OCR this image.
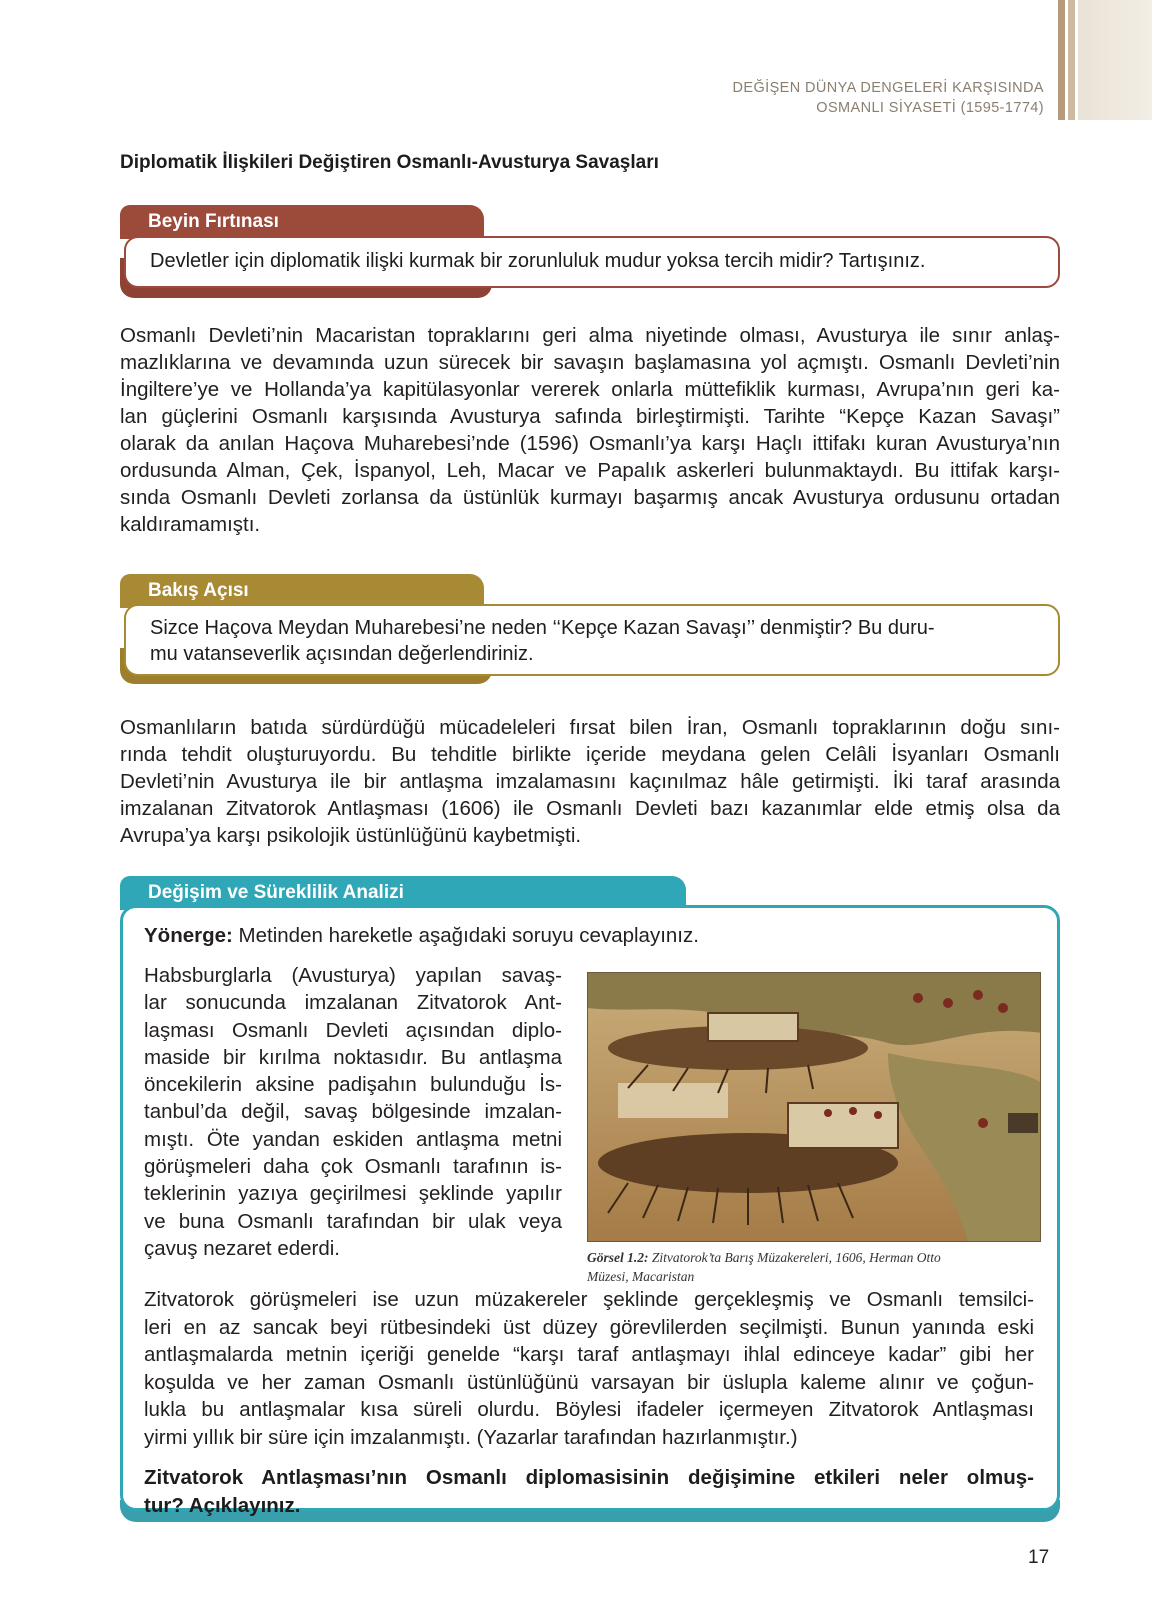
DEĞİŞEN DÜNYA DENGELERİ KARŞISINDA
OSMANLI SİYASETİ (1595-1774)
Diplomatik İlişkileri Değiştiren Osmanlı-Avusturya Savaşları
Beyin Fırtınası
Devletler için diplomatik ilişki kurmak bir zorunluluk mudur yoksa tercih midir? Tartışınız.
Osmanlı Devleti’nin Macaristan topraklarını geri alma niyetinde olması, Avusturya ile sınır anlaş-
mazlıklarına ve devamında uzun sürecek bir savaşın başlamasına yol açmıştı. Osmanlı Devleti’nin
İngiltere’ye ve Hollanda’ya kapitülasyonlar vererek onlarla müttefiklik kurması, Avrupa’nın geri ka-
lan güçlerini Osmanlı karşısında Avusturya safında birleştirmişti. Tarihte “Kepçe Kazan Savaşı”
olarak da anılan Haçova Muharebesi’nde (1596) Osmanlı’ya karşı Haçlı ittifakı kuran Avusturya’nın
ordusunda Alman, Çek, İspanyol, Leh, Macar ve Papalık askerleri bulunmaktaydı. Bu ittifak karşı-
sında Osmanlı Devleti zorlansa da üstünlük kurmayı başarmış ancak Avusturya ordusunu ortadan
kaldıramamıştı.
Bakış Açısı
Sizce Haçova Meydan Muharebesi’ne neden ‘‘Kepçe Kazan Savaşı’’ denmiştir? Bu duru-
mu vatanseverlik açısından değerlendiriniz.
Osmanlıların batıda sürdürdüğü mücadeleleri fırsat bilen İran, Osmanlı topraklarının doğu sını-
rında tehdit oluşturuyordu. Bu tehditle birlikte içeride meydana gelen Celâli İsyanları Osmanlı
Devleti’nin Avusturya ile bir antlaşma imzalamasını kaçınılmaz hâle getirmişti. İki taraf arasında
imzalanan Zitvatorok Antlaşması (1606) ile Osmanlı Devleti bazı kazanımlar elde etmiş olsa da
Avrupa’ya karşı psikolojik üstünlüğünü kaybetmişti.
Değişim ve Süreklilik Analizi
Yönerge: Metinden hareketle aşağıdaki soruyu cevaplayınız.
Habsburglarla (Avusturya) yapılan savaş-
lar sonucunda imzalanan Zitvatorok Ant-
laşması Osmanlı Devleti açısından diplo-
maside bir kırılma noktasıdır. Bu antlaşma
öncekilerin aksine padişahın bulunduğu İs-
tanbul’da değil, savaş bölgesinde imzalan-
mıştı. Öte yandan eskiden antlaşma metni
görüşmeleri daha çok Osmanlı tarafının is-
teklerinin yazıya geçirilmesi şeklinde yapılır
ve buna Osmanlı tarafından bir ulak veya
çavuş nezaret ederdi.	Görsel 1.2: Zitvatorok’ta Barış Müzakereleri, 1606, Herman Otto
Müzesi, Macaristan
Zitvatorok görüşmeleri ise uzun müzakereler şeklinde gerçekleşmiş ve Osmanlı temsilci-
leri en az sancak beyi rütbesindeki üst düzey görevlilerden seçilmişti. Bunun yanında eski
antlaşmalarda metnin içeriği genelde “karşı taraf antlaşmayı ihlal edinceye kadar” gibi her
koşulda ve her zaman Osmanlı üstünlüğünü varsayan bir üslupla kaleme alınır ve çoğun-
lukla bu antlaşmalar kısa süreli olurdu. Böylesi ifadeler içermeyen Zitvatorok Antlaşması
yirmi yıllık bir süre için imzalanmıştı. (Yazarlar tarafından hazırlanmıştır.)
Zitvatorok Antlaşması’nın Osmanlı diplomasisinin değişimine etkileri neler olmuş-
tur? Açıklayınız.
17
